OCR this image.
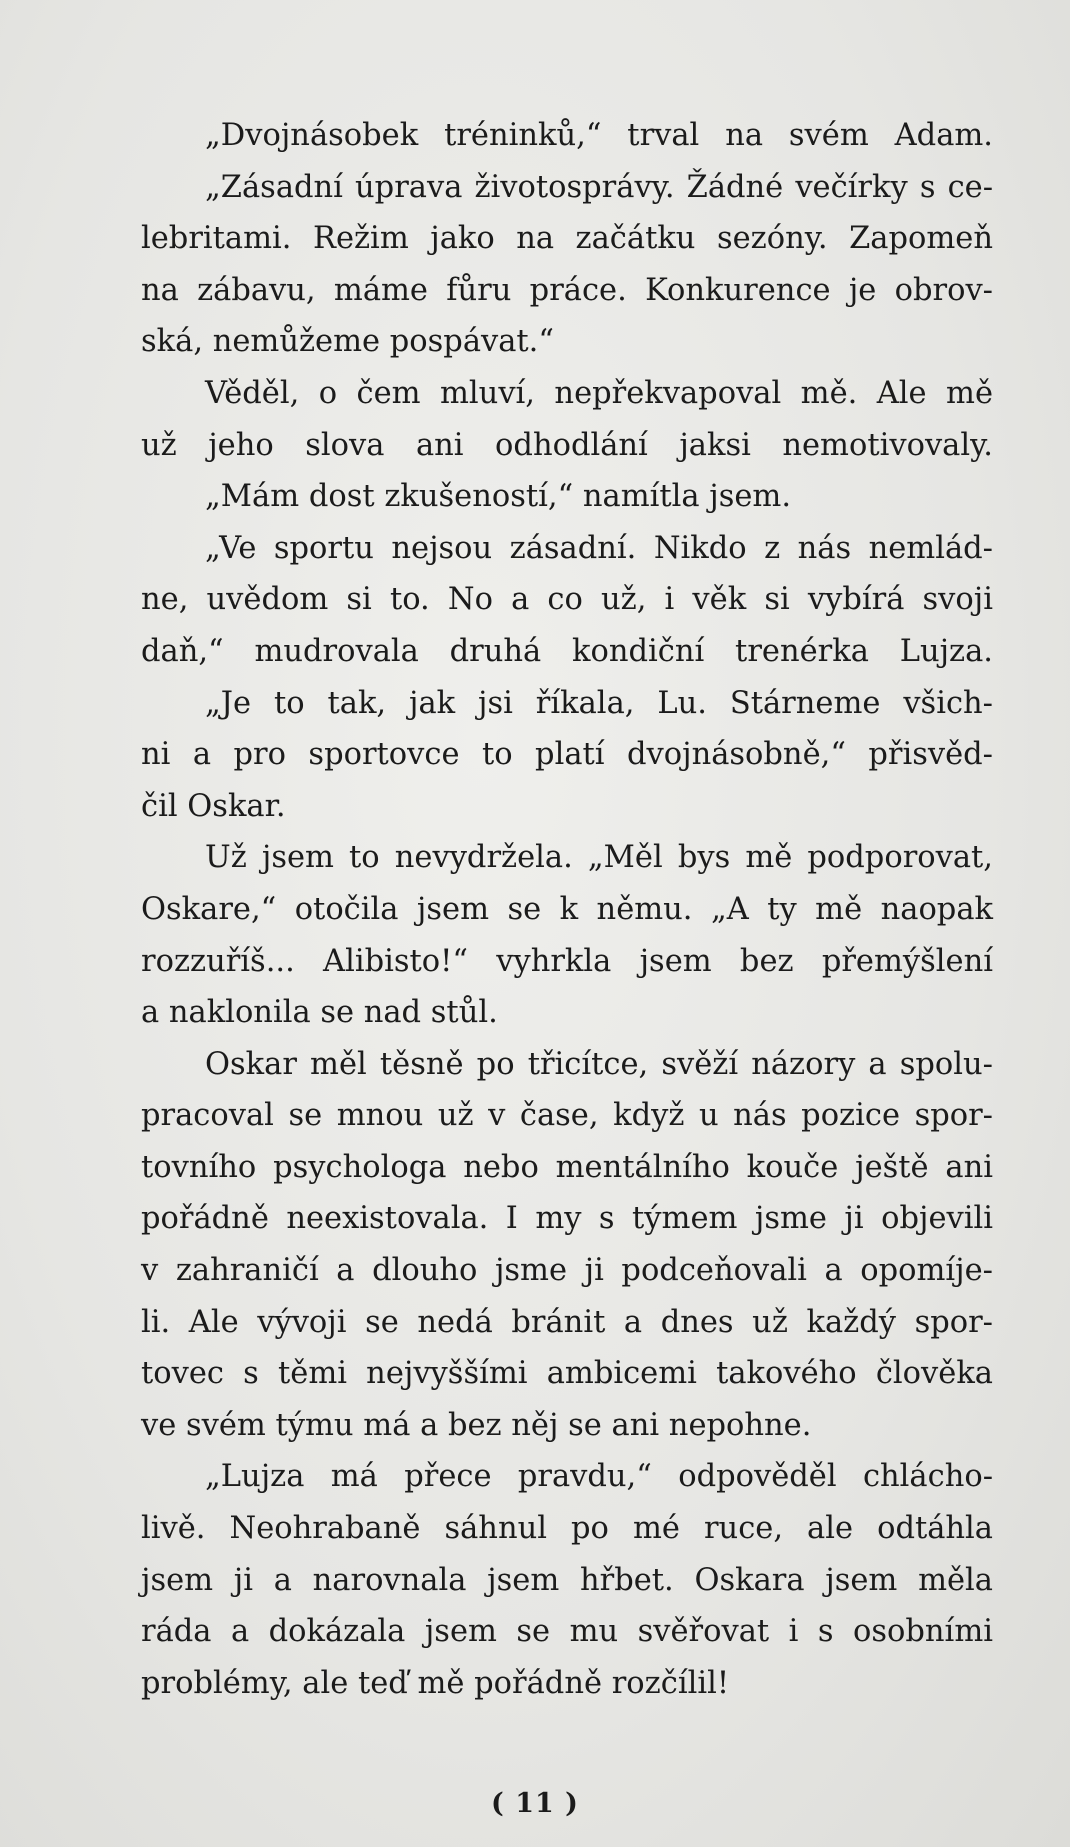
„Dvojnásobek tréninků,“ trval na svém Adam.
„Zásadní úprava životosprávy. Žádné večírky s ce-
lebritami. Režim jako na začátku sezóny. Zapomeň
na zábavu, máme fůru práce. Konkurence je obrov-
ská, nemůžeme pospávat.“
Věděl, o čem mluví, nepřekvapoval mě. Ale mě
už jeho slova ani odhodlání jaksi nemotivovaly.
„Mám dost zkušeností,“ namítla jsem.
„Ve sportu nejsou zásadní. Nikdo z nás nemlád-
ne, uvědom si to. No a co už, i věk si vybírá svoji
daň,“ mudrovala druhá kondiční trenérka Lujza.
„Je to tak, jak jsi říkala, Lu. Stárneme všich-
ni a pro sportovce to platí dvojnásobně,“ přisvěd-
čil Oskar.
Už jsem to nevydržela. „Měl bys mě podporovat,
Oskare,“ otočila jsem se k němu. „A ty mě naopak
rozzuříš... Alibisto!“ vyhrkla jsem bez přemýšlení
a naklonila se nad stůl.
Oskar měl těsně po třicítce, svěží názory a spolu-
pracoval se mnou už v čase, když u nás pozice spor-
tovního psychologa nebo mentálního kouče ještě ani
pořádně neexistovala. I my s týmem jsme ji objevili
v zahraničí a dlouho jsme ji podceňovali a opomíje-
li. Ale vývoji se nedá bránit a dnes už každý spor-
tovec s těmi nejvyššími ambicemi takového člověka
ve svém týmu má a bez něj se ani nepohne.
„Lujza má přece pravdu,“ odpověděl chlácho-
livě. Neohrabaně sáhnul po mé ruce, ale odtáhla
jsem ji a narovnala jsem hřbet. Oskara jsem měla
ráda a dokázala jsem se mu svěřovat i s osobními
problémy, ale teď mě pořádně rozčílil!
( 11 )
